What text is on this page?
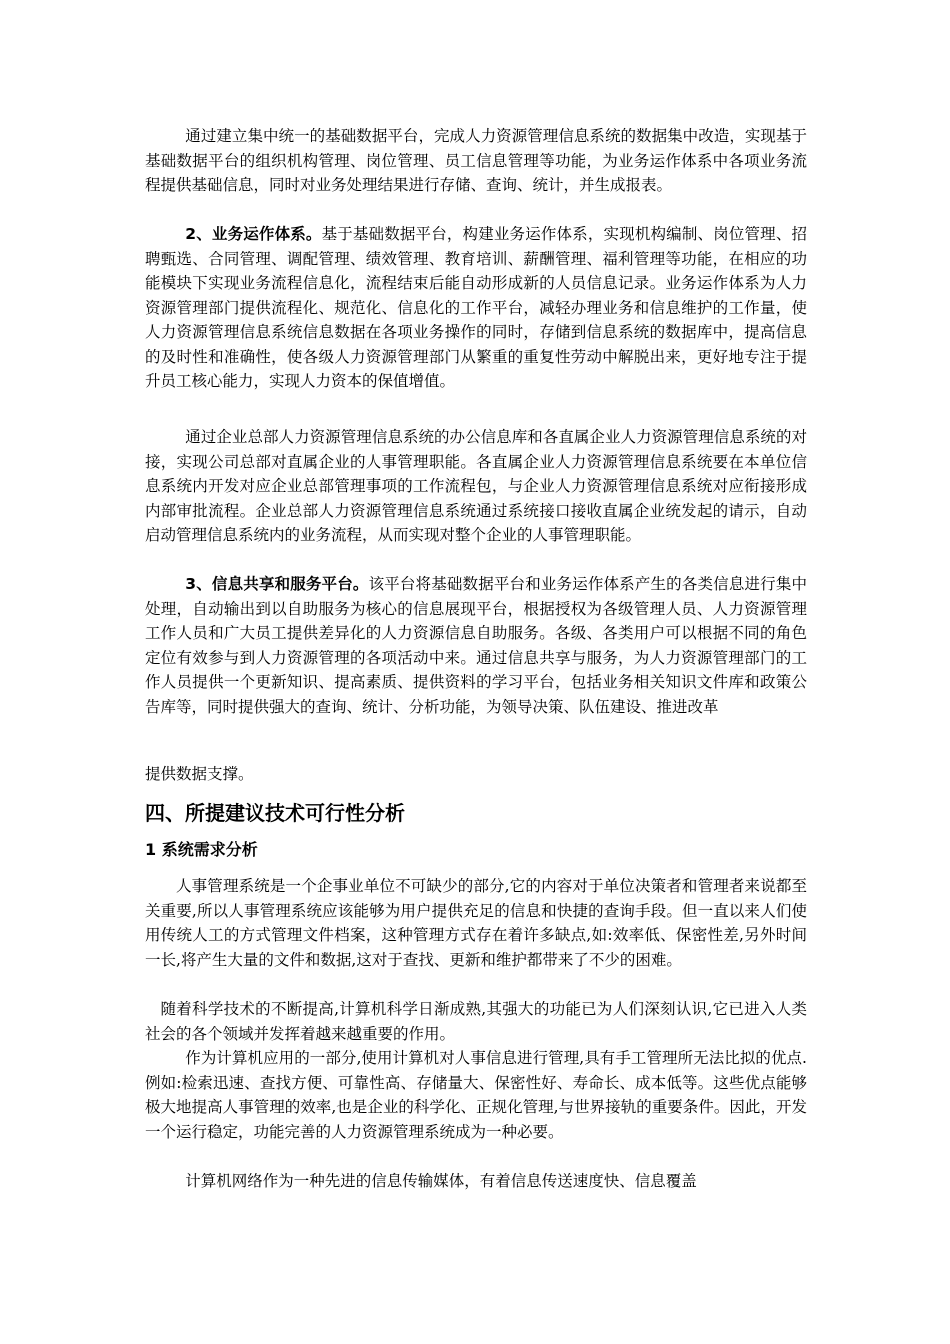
通过建立集中统一的基础数据平台，完成人力资源管理信息系统的数据集中改造，实现基于基础数据平台的组织机构管理、岗位管理、员工信息管理等功能，为业务运作体系中各项业务流程提供基础信息，同时对业务处理结果进行存储、查询、统计，并生成报表。

2、业务运作体系。基于基础数据平台，构建业务运作体系，实现机构编制、岗位管理、招聘甄选、合同管理、调配管理、绩效管理、教育培训、薪酬管理、福利管理等功能，在相应的功能模块下实现业务流程信息化，流程结束后能自动形成新的人员信息记录。业务运作体系为人力资源管理部门提供流程化、规范化、信息化的工作平台，减轻办理业务和信息维护的工作量，使人力资源管理信息系统信息数据在各项业务操作的同时，存储到信息系统的数据库中，提高信息的及时性和准确性，使各级人力资源管理部门从繁重的重复性劳动中解脱出来，更好地专注于提升员工核心能力，实现人力资本的保值增值。

通过企业总部人力资源管理信息系统的办公信息库和各直属企业人力资源管理信息系统的对接，实现公司总部对直属企业的人事管理职能。各直属企业人力资源管理信息系统要在本单位信息系统内开发对应企业总部管理事项的工作流程包，与企业人力资源管理信息系统对应衔接形成内部审批流程。企业总部人力资源管理信息系统通过系统接口接收直属企业统发起的请示，自动启动管理信息系统内的业务流程，从而实现对整个企业的人事管理职能。

3、信息共享和服务平台。该平台将基础数据平台和业务运作体系产生的各类信息进行集中处理，自动输出到以自助服务为核心的信息展现平台，根据授权为各级管理人员、人力资源管理工作人员和广大员工提供差异化的人力资源信息自助服务。各级、各类用户可以根据不同的角色定位有效参与到人力资源管理的各项活动中来。通过信息共享与服务，为人力资源管理部门的工作人员提供一个更新知识、提高素质、提供资料的学习平台，包括业务相关知识文件库和政策公告库等，同时提供强大的查询、统计、分析功能，为领导决策、队伍建设、推进改革

提供数据支撑。

四、所提建议技术可行性分析
1 系统需求分析

人事管理系统是一个企事业单位不可缺少的部分,它的内容对于单位决策者和管理者来说都至关重要,所以人事管理系统应该能够为用户提供充足的信息和快捷的查询手段。但一直以来人们使用传统人工的方式管理文件档案，这种管理方式存在着许多缺点,如:效率低、保密性差,另外时间一长,将产生大量的文件和数据,这对于查找、更新和维护都带来了不少的困难。

随着科学技术的不断提高,计算机科学日渐成熟,其强大的功能已为人们深刻认识,它已进入人类社会的各个领域并发挥着越来越重要的作用。

作为计算机应用的一部分,使用计算机对人事信息进行管理,具有手工管理所无法比拟的优点.例如:检索迅速、查找方便、可靠性高、存储量大、保密性好、寿命长、成本低等。这些优点能够极大地提高人事管理的效率,也是企业的科学化、正规化管理,与世界接轨的重要条件。因此，开发一个运行稳定，功能完善的人力资源管理系统成为一种必要。

计算机网络作为一种先进的信息传输媒体，有着信息传送速度快、信息覆盖
